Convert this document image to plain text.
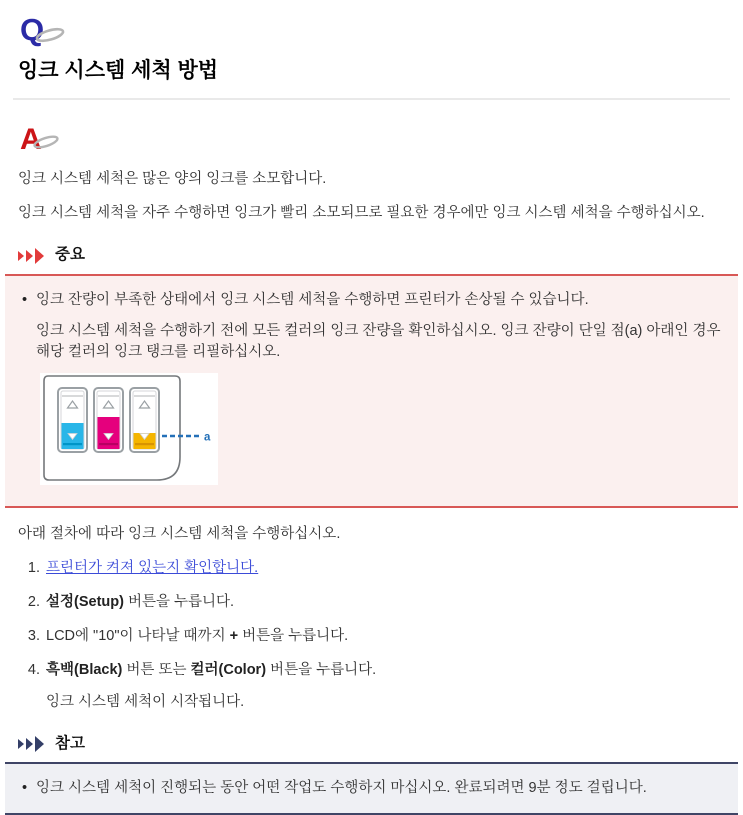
Q
잉크 시스템 세척 방법
A

잉크 시스템 세척은 많은 양의 잉크를 소모합니다.

잉크 시스템 세척을 자주 수행하면 잉크가 빨리 소모되므로 필요한 경우에만 잉크 시스템 세척을 수행하십시오.

중요
• 잉크 잔량이 부족한 상태에서 잉크 시스템 세척을 수행하면 프린터가 손상될 수 있습니다.

잉크 시스템 세척을 수행하기 전에 모든 컬러의 잉크 잔량을 확인하십시오. 잉크 잔량이 단일 점(a) 아래인 경우 해당 컬러의 잉크 탱크를 리필하십시오.

a

아래 절차에 따라 잉크 시스템 세척을 수행하십시오.

1. 프린터가 켜져 있는지 확인합니다.
2. 설정(Setup) 버튼을 누릅니다.
3. LCD에 "10"이 나타날 때까지 + 버튼을 누릅니다.
4. 흑백(Black) 버튼 또는 컬러(Color) 버튼을 누릅니다.

잉크 시스템 세척이 시작됩니다.

참고
• 잉크 시스템 세척이 진행되는 동안 어떤 작업도 수행하지 마십시오. 완료되려면 9분 정도 걸립니다.
